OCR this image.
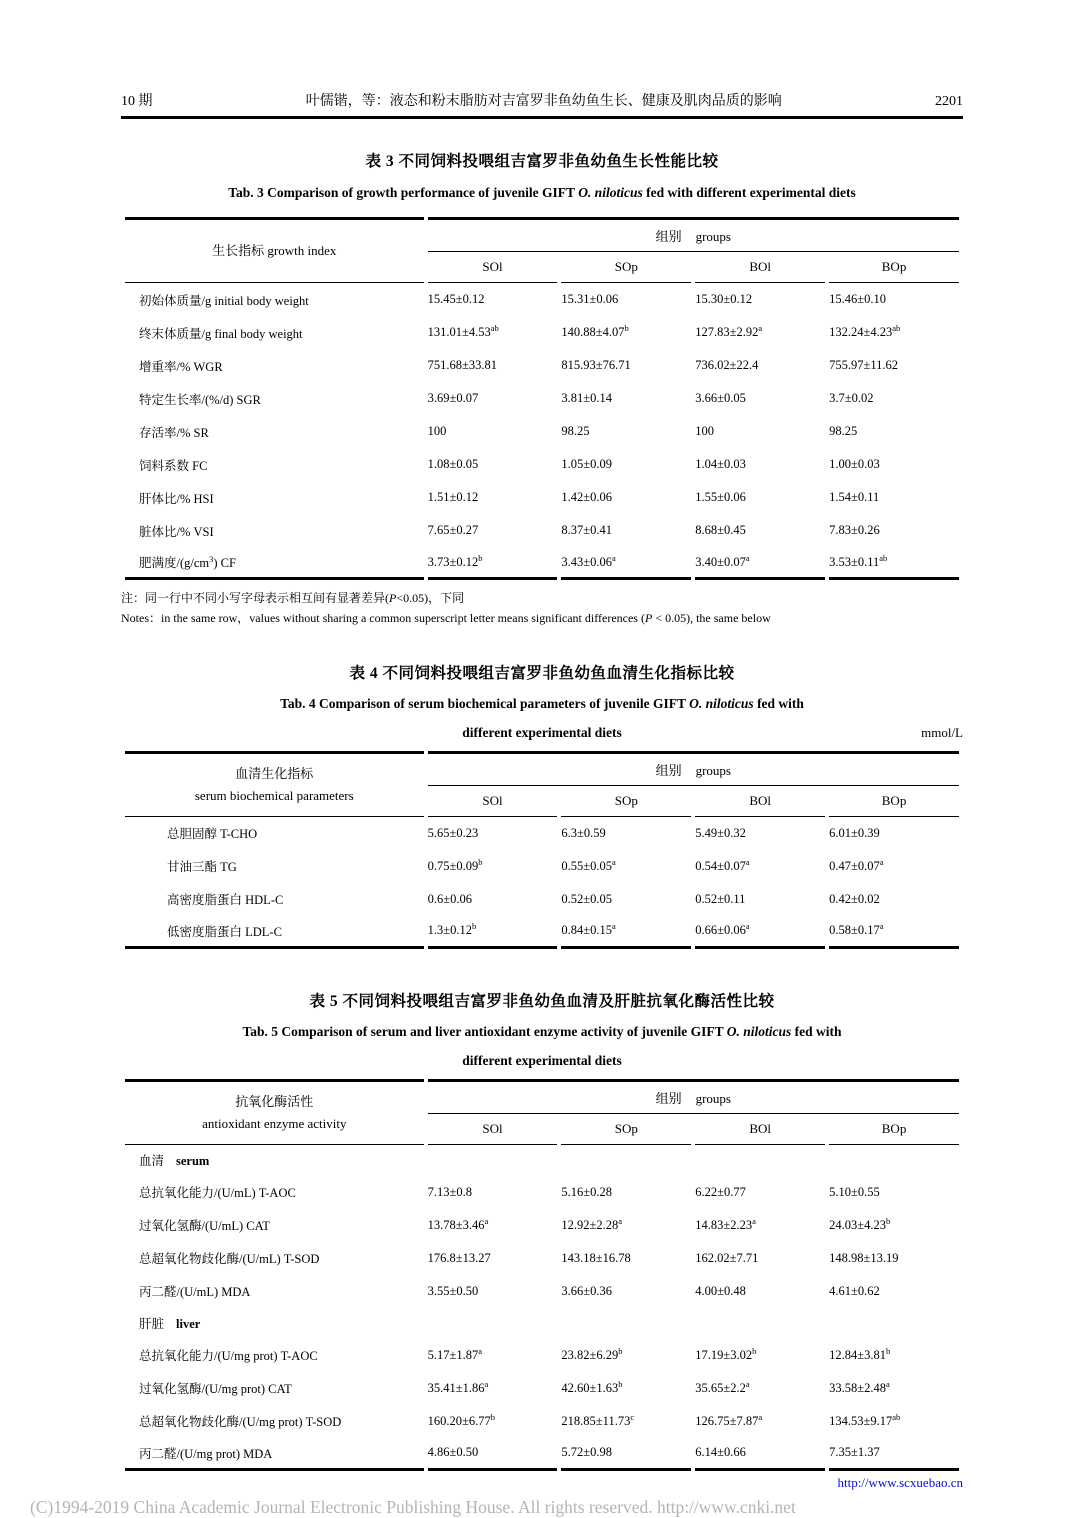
10 期	叶儒锴，等：液态和粉末脂肪对吉富罗非鱼幼鱼生长、健康及肌肉品质的影响	2201
表 3 不同饲料投喂组吉富罗非鱼幼鱼生长性能比较
Tab. 3 Comparison of growth performance of juvenile GIFT O. niloticus fed with different experimental diets
生长指标 growth index	组别 groups			
	SOl	SOp	BOl	BOp
初始体质量/g initial body weight	15.45±0.12	15.31±0.06	15.30±0.12	15.46±0.10
终末体质量/g final body weight	131.01±4.53$^{ab}$	140.88±4.07$^b$	127.83±2.92$^a$	132.24±4.23$^{ab}$
增重率/% WGR	751.68±33.81	815.93±76.71	736.02±22.4	755.97±11.62
特定生长率/(%/d) SGR	3.69±0.07	3.81±0.14	3.66±0.05	3.7±0.02
存活率/% SR	100	98.25	100	98.25
饲料系数 FC	1.08±0.05	1.05±0.09	1.04±0.03	1.00±0.03
肝体比/% HSI	1.51±0.12	1.42±0.06	1.55±0.06	1.54±0.11
脏体比/% VSI	7.65±0.27	8.37±0.41	8.68±0.45	7.83±0.26
肥满度$/(g/cm^3)$ CF	3.73±0.12$^b$	3.43±0.06$^a$	3.40±0.07$^a$	3.53±0.11$^{ab}$
注：同一行中不同小写字母表示相互间有显著差异(P<0.05)，下同
Notes：in the same row，values without sharing a common superscript letter means significant differences (P < 0.05), the same below
表 4 不同饲料投喂组吉富罗非鱼幼鱼血清生化指标比较
Tab. 4 Comparison of serum biochemical parameters of juvenile GIFT O. niloticus fed with
different experimental diets	mmol/L
血清生化指标
serum biochemical parameters	组别 groups			
	SOl	SOp	BOl	BOp
总胆固醇 T-CHO	5.65±0.23	6.3±0.59	5.49±0.32	6.01±0.39
甘油三酯 TG	0.75±0.09$^b$	0.55±0.05$^a$	0.54±0.07$^a$	0.47±0.07$^a$
高密度脂蛋白 HDL-C	0.6±0.06	0.52±0.05	0.52±0.11	0.42±0.02
低密度脂蛋白 LDL-C	1.3±0.12$^b$	0.84±0.15$^a$	0.66±0.06$^a$	0.58±0.17$^a$
表 5 不同饲料投喂组吉富罗非鱼幼鱼血清及肝脏抗氧化酶活性比较
Tab. 5 Comparison of serum and liver antioxidant enzyme activity of juvenile GIFT O. niloticus fed with
different experimental diets
抗氧化酶活性
antioxidant enzyme activity	组别 groups			
	SOl	SOp	BOl	BOp
血清 serum				
总抗氧化能力/(U/mL) T-AOC	7.13±0.8	5.16±0.28	6.22±0.77	5.10±0.55
过氧化氢酶/(U/mL) CAT	13.78±3.46$^a$	12.92±2.28$^a$	14.83±2.23$^a$	24.03±4.23$^b$
总超氧化物歧化酶/(U/mL) T-SOD	176.8±13.27	143.18±16.78	162.02±7.71	148.98±13.19
丙二醛/(U/mL) MDA	3.55±0.50	3.66±0.36	4.00±0.48	4.61±0.62
肝脏 liver				
总抗氧化能力/(U/mg prot) T-AOC	5.17±1.87$^a$	23.82±6.29$^b$	17.19±3.02$^b$	12.84±3.81$^b$
过氧化氢酶/(U/mg prot) CAT	35.41±1.86$^a$	42.60±1.63$^b$	35.65±2.2$^a$	33.58±2.48$^a$
总超氧化物歧化酶/(U/mg prot) T-SOD	160.20±6.77$^b$	218.85±11.73$^c$	126.75±7.87$^a$	134.53±9.17$^{ab}$
丙二醛/(U/mg prot) MDA	4.86±0.50	5.72±0.98	6.14±0.66	7.35±1.37
http://www.scxuebao.cn
(C)1994-2019 China Academic Journal Electronic Publishing House. All rights reserved. http://www.cnki.net
